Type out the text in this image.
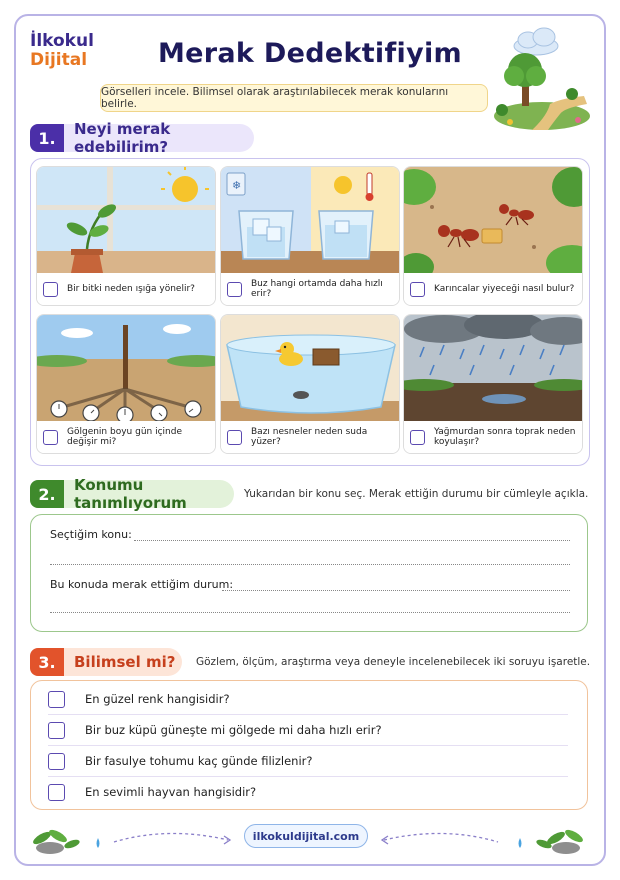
İlkokul
Dijital	Merak Dedektifiyim
Görselleri incele. Bilimsel olarak araştırılabilecek merak konularını belirle.
1.	Neyi merak edebilirim?
Bir bitki neden ışığa yönelir?
❄
Buz hangi ortamda daha hızlı erir?	Karıncalar yiyeceği nasıl bulur?
Gölgenin boyu gün içinde değişir mi?
Bazı nesneler neden suda yüzer?
Yağmurdan sonra toprak neden koyulaşır?
2.	Konumu tanımlıyorum	Yukarıdan bir konu seç. Merak ettiğin durumu bir cümleyle açıkla.
Seçtiğim konu:
Bu konuda merak ettiğim durum:
3.	Bilimsel mi?	Gözlem, ölçüm, araştırma veya deneyle incelenebilecek iki soruyu işaretle.
En güzel renk hangisidir?
Bir buz küpü güneşte mi gölgede mi daha hızlı erir?
Bir fasulye tohumu kaç günde filizlenir?
En sevimli hayvan hangisidir?
ilkokuldijital.com
